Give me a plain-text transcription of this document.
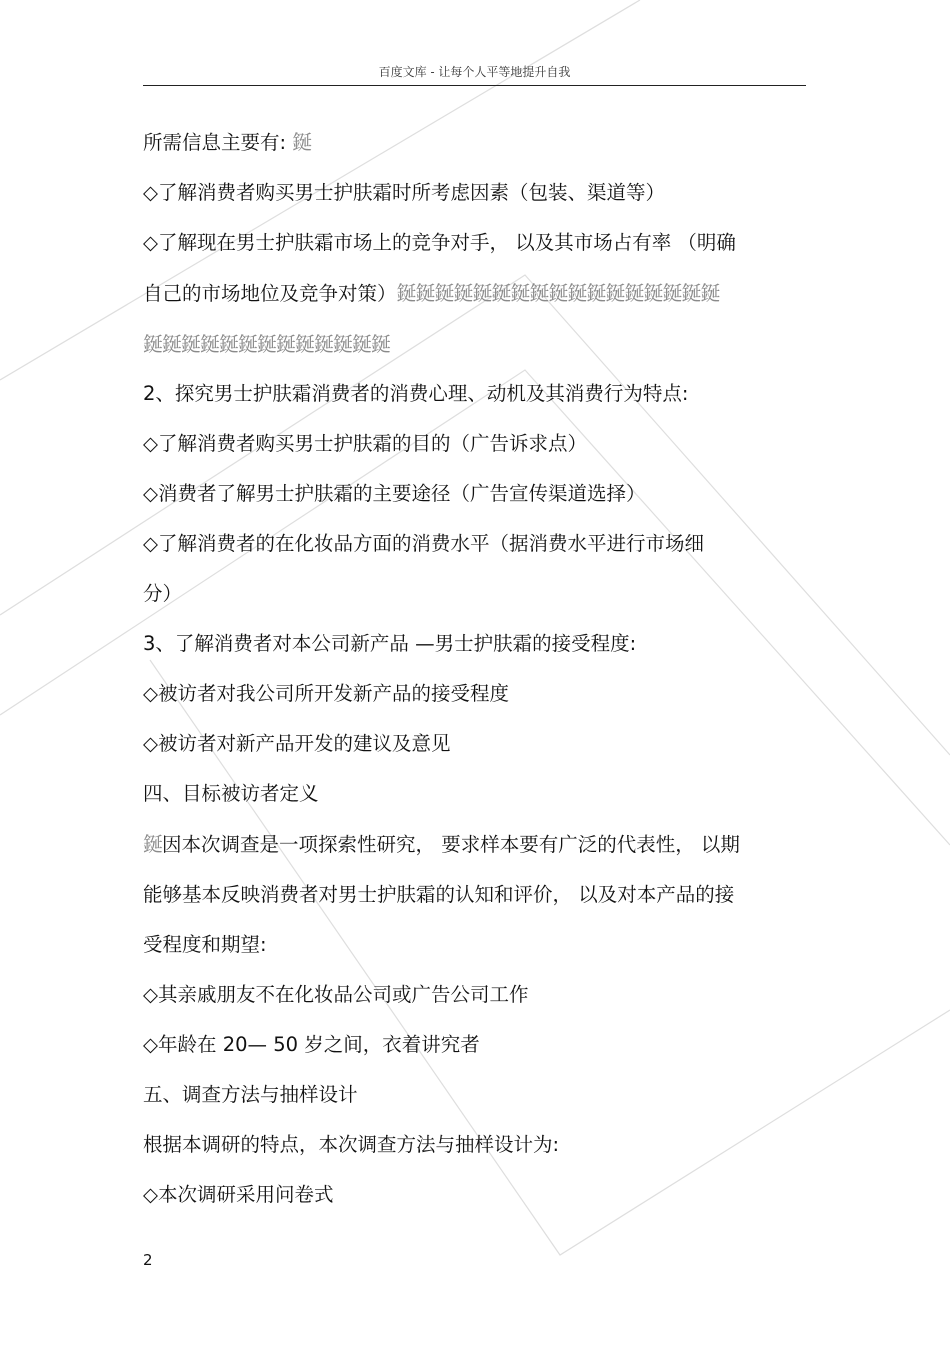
百度文库 - 让每个人平等地提升自我

所需信息主要有: 鋋

◇了解消费者购买男士护肤霜时所考虑因素（包装、渠道等）

◇了解现在男士护肤霜市场上的竞争对手， 以及其市场占有率 （明确

自己的市场地位及竞争对策）鋋鋋鋋鋋鋋鋋鋋鋋鋋鋋鋋鋋鋋鋋鋋鋋鋋

鋋鋋鋋鋋鋋鋋鋋鋋鋋鋋鋋鋋鋋

2、探究男士护肤霜消费者的消费心理、动机及其消费行为特点:

◇了解消费者购买男士护肤霜的目的（广告诉求点）

◇消费者了解男士护肤霜的主要途径（广告宣传渠道选择）

◇了解消费者的在化妆品方面的消费水平（据消费水平进行市场细

分）

3、了解消费者对本公司新产品 —男士护肤霜的接受程度:

◇被访者对我公司所开发新产品的接受程度

◇被访者对新产品开发的建议及意见

四、目标被访者定义

鋋因本次调查是一项探索性研究， 要求样本要有广泛的代表性， 以期

能够基本反映消费者对男士护肤霜的认知和评价， 以及对本产品的接

受程度和期望:

◇其亲戚朋友不在化妆品公司或广告公司工作

◇年龄在 20— 50 岁之间，衣着讲究者

五、调查方法与抽样设计

根据本调研的特点，本次调查方法与抽样设计为:

◇本次调研采用问卷式

2
